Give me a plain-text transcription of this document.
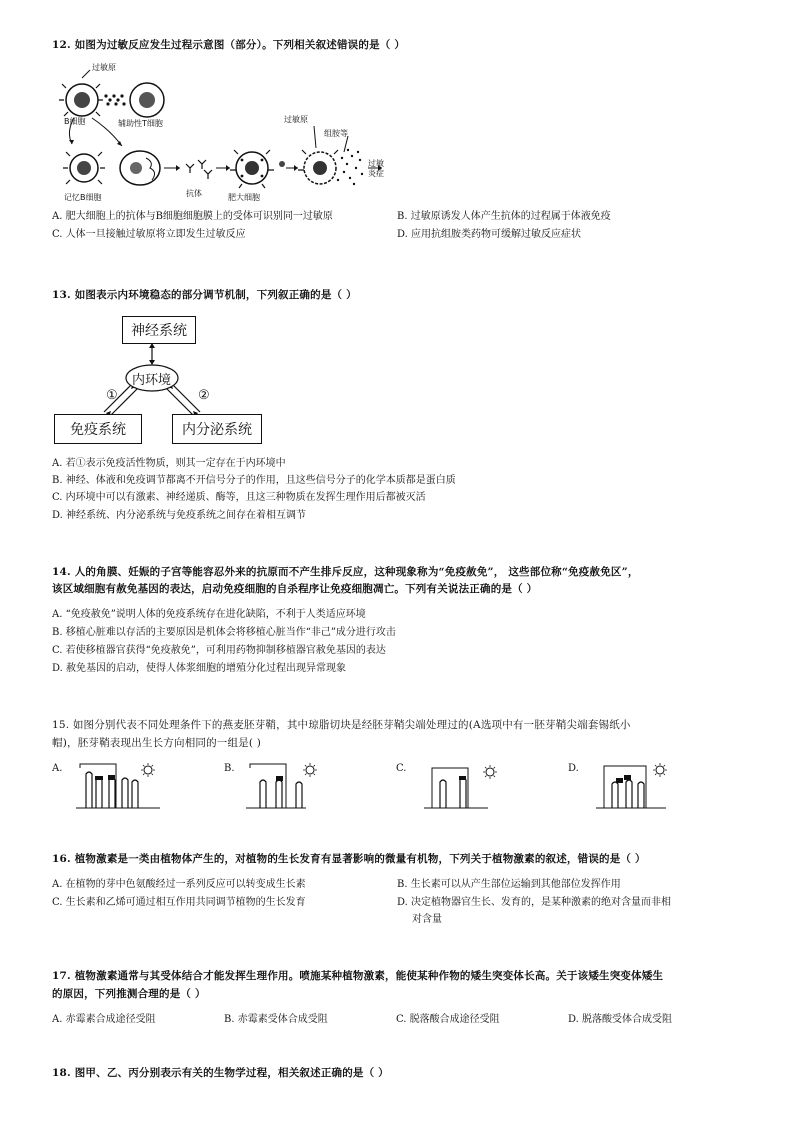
12. 如图为过敏反应发生过程示意图（部分）。下列相关叙述错误的是（ ）
过敏原
B细胞	辅助性T细胞
记忆B细胞	抗体	肥大细胞
过敏原
组胺等
过敏
炎症
A. 肥大细胞上的抗体与B细胞细胞膜上的受体可识别同一过敏原	B. 过敏原诱发人体产生抗体的过程属于体液免疫
C. 人体一旦接触过敏原将立即发生过敏反应	D. 应用抗组胺类药物可缓解过敏反应症状
13. 如图表示内环境稳态的部分调节机制，下列叙正确的是（ ）
神经系统
内环境
①	②
免疫系统	内分泌系统
A. 若①表示免疫活性物质，则其一定存在于内环境中
B. 神经、体液和免疫调节都离不开信号分子的作用，且这些信号分子的化学本质都是蛋白质
C. 内环境中可以有激素、神经递质、酶等，且这三种物质在发挥生理作用后都被灭活
D. 神经系统、内分泌系统与免疫系统之间存在着相互调节
14. 人的角膜、妊娠的子宫等能容忍外来的抗原而不产生排斥反应，这种现象称为“免疫赦免”， 这些部位称“免疫赦免区”，
该区域细胞有赦免基因的表达，启动免疫细胞的自杀程序让免疫细胞凋亡。下列有关说法正确的是（ ）
A. “免疫赦免”说明人体的免疫系统存在进化缺陷，不利于人类适应环境
B. 移植心脏难以存活的主要原因是机体会将移植心脏当作“非己”成分进行攻击
C. 若使移植器官获得“免疫赦免”，可利用药物抑制移植器官赦免基因的表达
D. 赦免基因的启动，使得人体浆细胞的增殖分化过程出现异常现象
15. 如图分别代表不同处理条件下的燕麦胚芽鞘，其中琼脂切块是经胚芽鞘尖端处理过的(A选项中有一胚芽鞘尖端套锡纸小
帽)，胚芽鞘表现出生长方向相同的一组是( )
A.	B.	C.	D.
16. 植物激素是一类由植物体产生的，对植物的生长发育有显著影响的微量有机物，下列关于植物激素的叙述，错误的是（ ）
A. 在植物的芽中色氨酸经过一系列反应可以转变成生长素	B. 生长素可以从产生部位运输到其他部位发挥作用
C. 生长素和乙烯可通过相互作用共同调节植物的生长发育	D. 决定植物器官生长、发育的，是某种激素的绝对含量而非相
对含量
17. 植物激素通常与其受体结合才能发挥生理作用。喷施某种植物激素，能使某种作物的矮生突变体长高。关于该矮生突变体矮生
的原因，下列推测合理的是（ ）
A. 赤霉素合成途径受阻	B. 赤霉素受体合成受阻	C. 脱落酸合成途径受阻	D. 脱落酸受体合成受阻
18. 图甲、乙、丙分别表示有关的生物学过程，相关叙述正确的是（ ）
